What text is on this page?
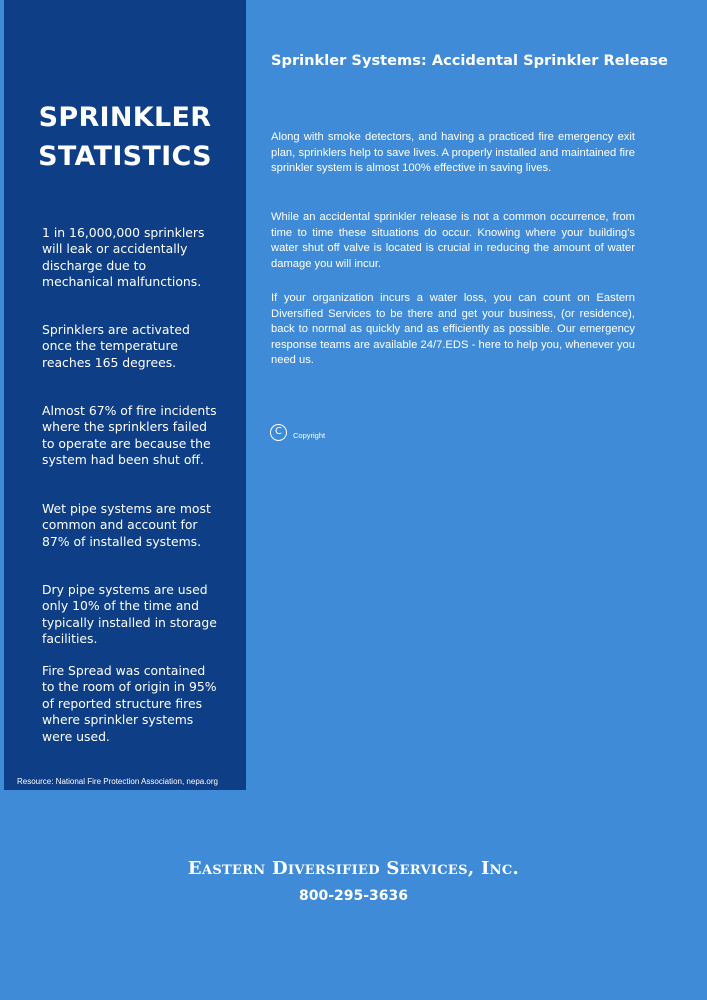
SPRINKLER
STATISTICS
1 in 16,000,000 sprinklers will leak or accidentally discharge due to mechanical malfunctions.
Sprinklers are activated once the temperature reaches 165 degrees.
Almost 67% of fire incidents where the sprinklers failed to operate are because the system had been shut off.
Wet pipe systems are most common and account for 87% of installed systems.
Dry pipe systems are used only 10% of the time and typically installed in storage facilities.
Fire Spread was contained to the room of origin in 95% of reported structure fires where sprinkler systems were used.
Resource: National Fire Protection Association, nepa.org
Sprinkler Systems: Accidental Sprinkler Release
Along with smoke detectors, and having a practiced fire emergency exit plan, sprinklers help to save lives. A properly installed and maintained fire sprinkler system is almost 100% effective in saving lives.
While an accidental sprinkler release is not a common occurrence, from time to time these situations do occur. Knowing where your building's water shut off valve is located is crucial in reducing the amount of water damage you will incur.
If your organization incurs a water loss, you can count on Eastern Diversified Services to be there and get your business, (or residence), back to normal as quickly and as efficiently as possible. Our emergency response teams are available 24/7.EDS - here to help you, whenever you need us.
C	Copyright
Eastern Diversified Services, Inc.
800-295-3636
